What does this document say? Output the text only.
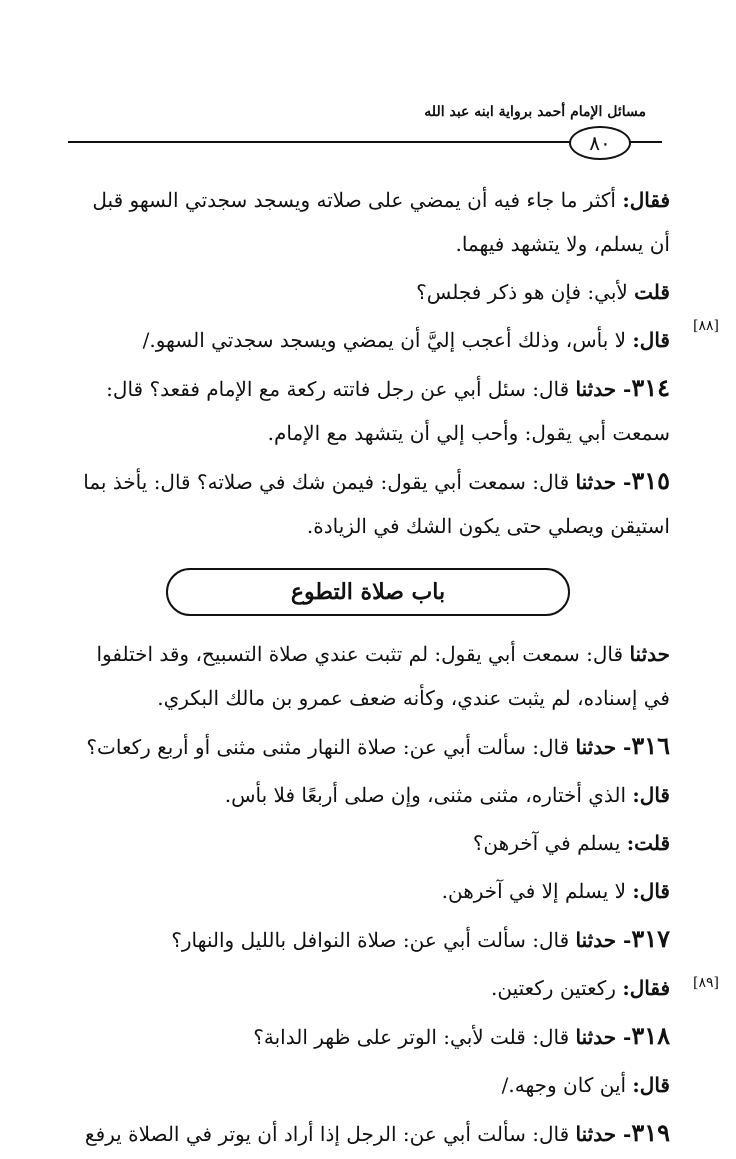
مسائل الإمام أحمد برواية ابنه عبد الله
٨٠
[٨٨]
[٨٩]

فقال: أكثر ما جاء فيه أن يمضي على صلاته ويسجد سجدتي السهو قبل أن يسلم، ولا يتشهد فيهما.

قلت لأبي: فإن هو ذكر فجلس؟

قال: لا بأس، وذلك أعجب إليَّ أن يمضي ويسجد سجدتي السهو./

٣١٤- حدثنا قال: سئل أبي عن رجل فاتته ركعة مع الإمام فقعد؟ قال: سمعت أبي يقول: وأحب إلي أن يتشهد مع الإمام.

٣١٥- حدثنا قال: سمعت أبي يقول: فيمن شك في صلاته؟ قال: يأخذ بما استيقن ويصلي حتى يكون الشك في الزيادة.

باب صلاة التطوع

حدثنا قال: سمعت أبي يقول: لم تثبت عندي صلاة التسبيح، وقد اختلفوا في إسناده، لم يثبت عندي، وكأنه ضعف عمرو بن مالك البكري.

٣١٦- حدثنا قال: سألت أبي عن: صلاة النهار مثنى مثنى أو أربع ركعات؟

قال: الذي أختاره، مثنى مثنى، وإن صلى أربعًا فلا بأس.

قلت: يسلم في آخرهن؟

قال: لا يسلم إلا في آخرهن.

٣١٧- حدثنا قال: سألت أبي عن: صلاة النوافل بالليل والنهار؟

فقال: ركعتين ركعتين.

٣١٨- حدثنا قال: قلت لأبي: الوتر على ظهر الدابة؟

قال: أين كان وجهه./

٣١٩- حدثنا قال: سألت أبي عن: الرجل إذا أراد أن يوتر في الصلاة يرفع
